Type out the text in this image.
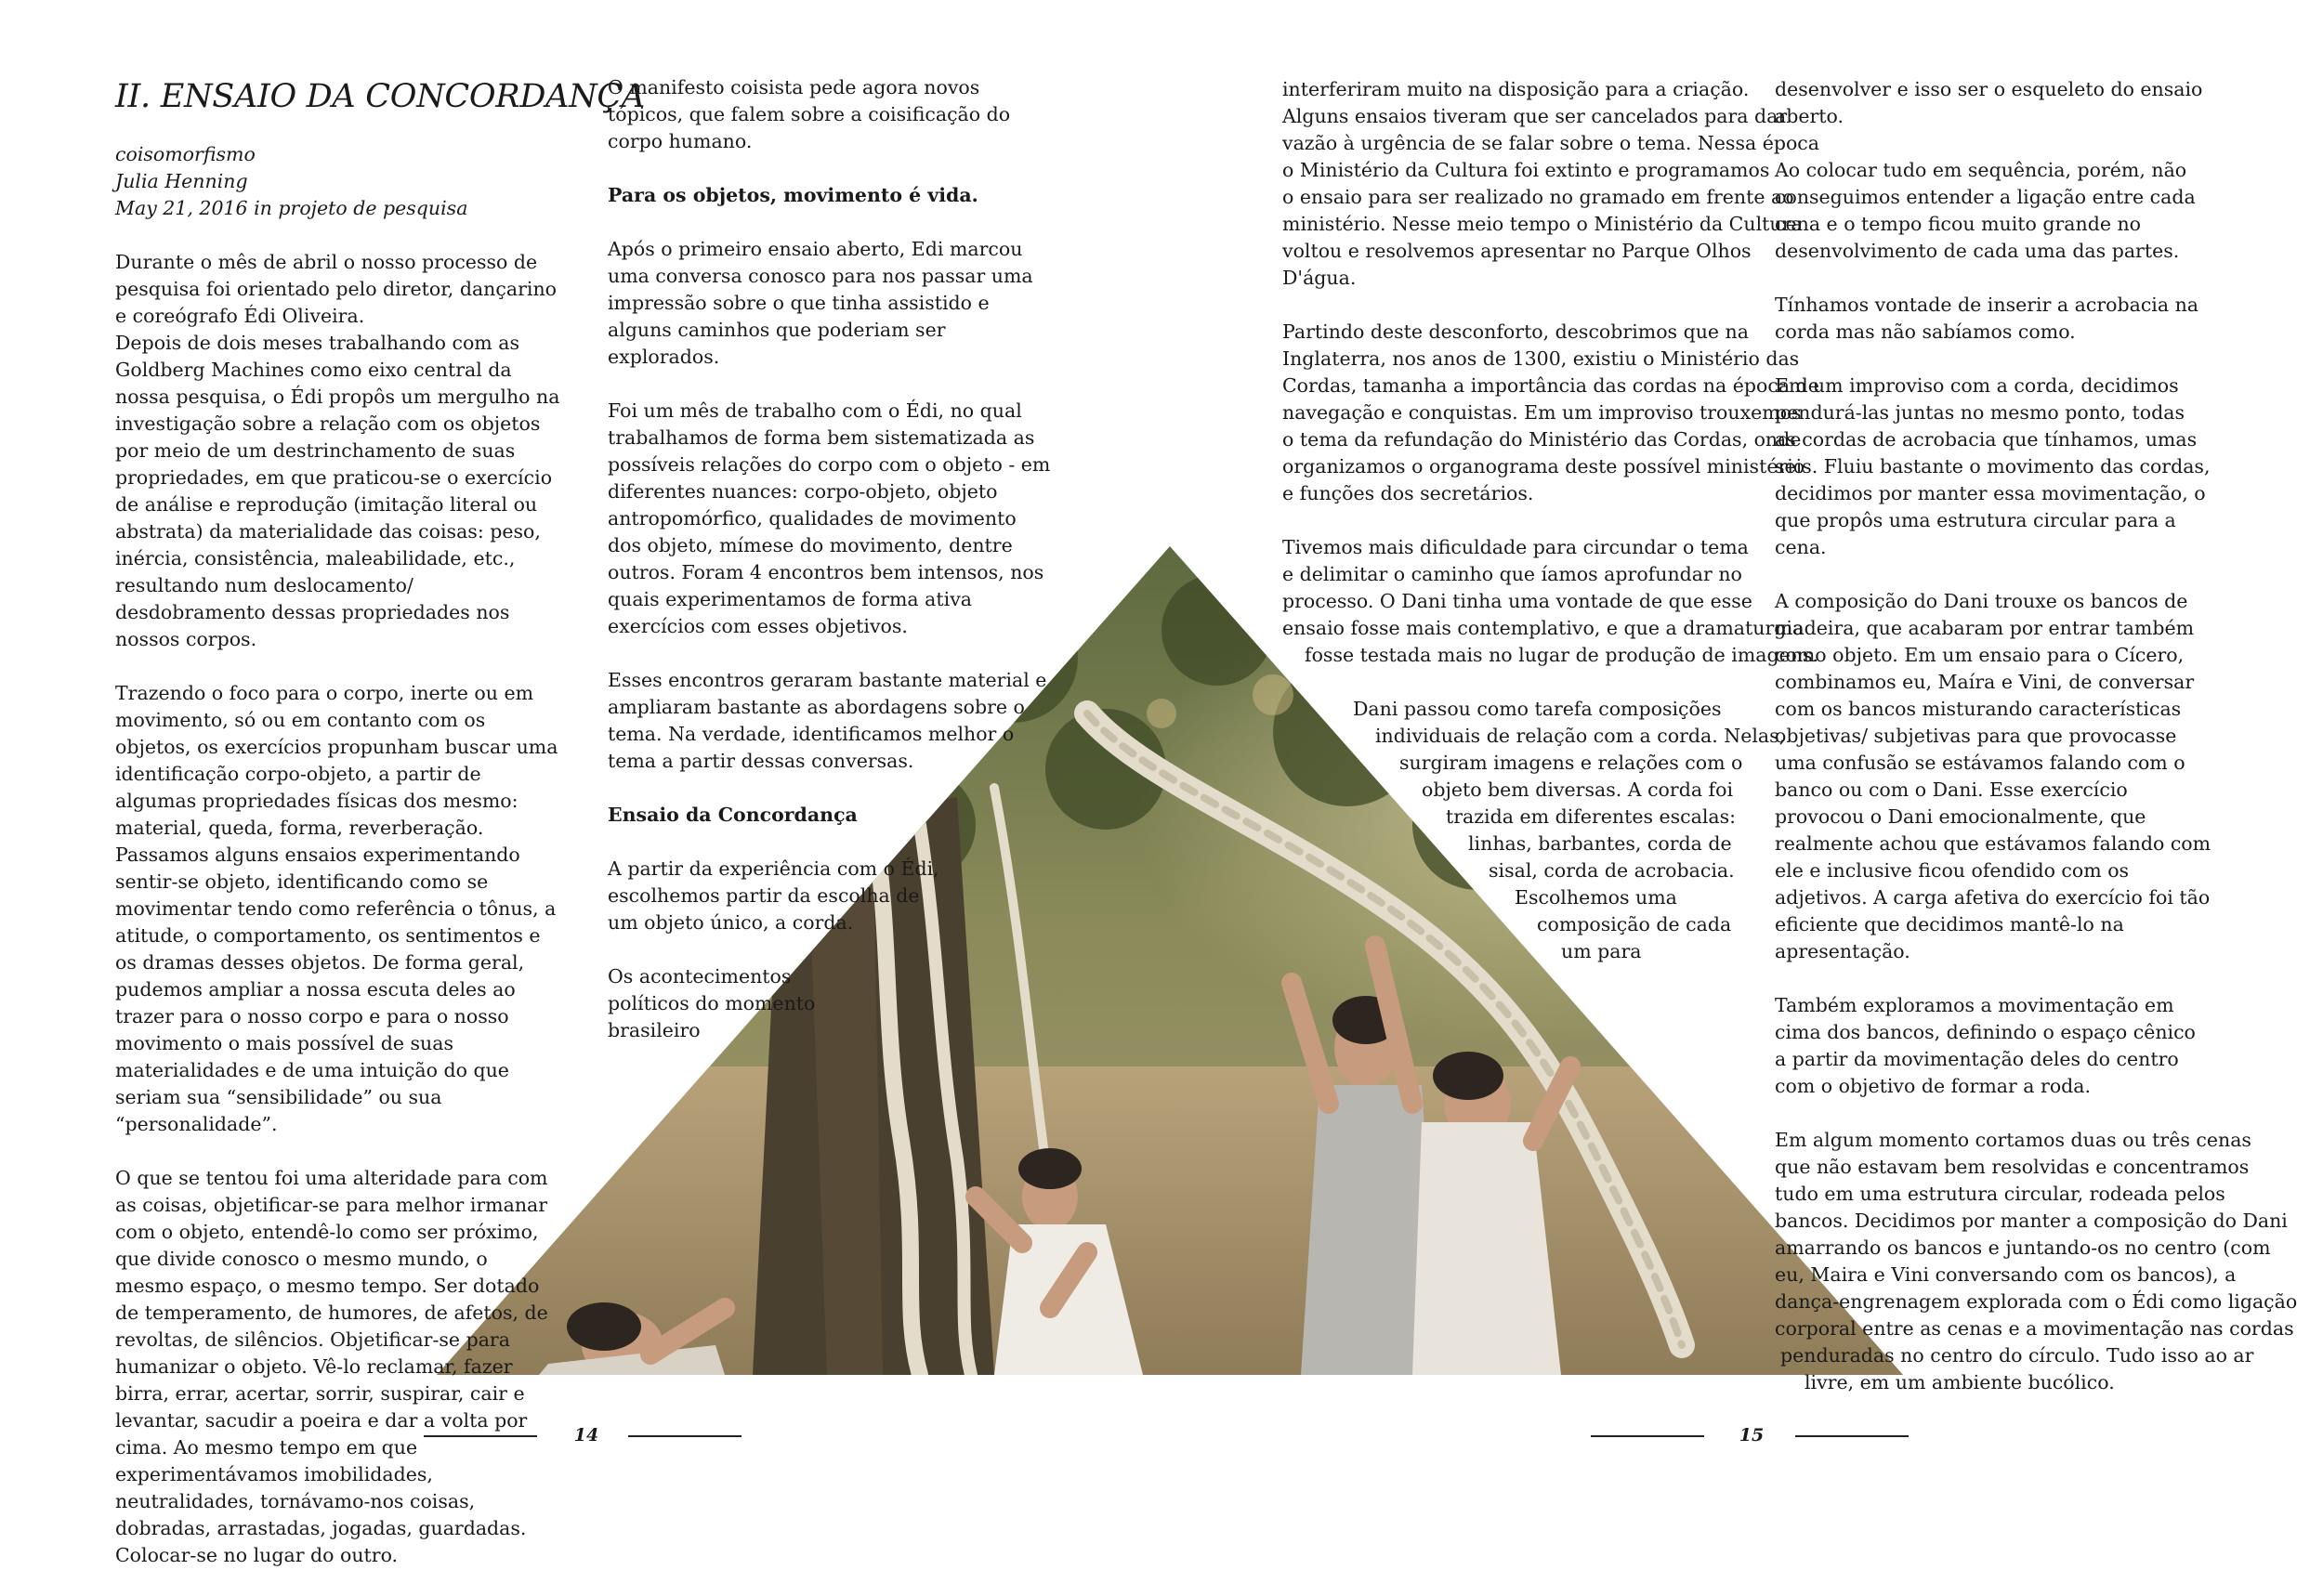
II. ENSAIO DA CONCORDANÇA
coisomorfismo
Julia Henning
May 21, 2016 in projeto de pesquisa

Durante o mês de abril o nosso processo de pesquisa foi orientado pelo diretor, dançarino e coreógrafo Édi Oliveira.

Depois de dois meses trabalhando com as Goldberg Machines como eixo central da nossa pesquisa, o Édi propôs um mergulho na investigação sobre a relação com os objetos por meio de um destrinchamento de suas propriedades, em que praticou-se o exercício de análise e reprodução (imitação literal ou abstrata) da materialidade das coisas: peso, inércia, consistência, maleabilidade, etc., resultando num deslocamento/ desdobramento dessas propriedades nos nossos corpos.

Trazendo o foco para o corpo, inerte ou em movimento, só ou em contanto com os objetos, os exercícios propunham buscar uma identificação corpo-objeto, a partir de algumas propriedades físicas dos mesmo: material, queda, forma, reverberação. Passamos alguns ensaios experimentando sentir-se objeto, identificando como se movimentar tendo como referência o tônus, a atitude, o comportamento, os sentimentos e os dramas desses objetos. De forma geral, pudemos ampliar a nossa escuta deles ao trazer para o nosso corpo e para o nosso movimento o mais possível de suas materialidades e de uma intuição do que seriam sua “sensibilidade” ou sua “personalidade”.

O que se tentou foi uma alteridade para com as coisas, objetificar-se para melhor irmanar com o objeto, entendê-lo como ser próximo, que divide conosco o mesmo mundo, o mesmo espaço, o mesmo tempo. Ser dotado de temperamento, de humores, de afetos, de revoltas, de silêncios. Objetificar-se para humanizar o objeto. Vê-lo reclamar, fazer birra, errar, acertar, sorrir, suspirar, cair e levantar, sacudir a poeira e dar a volta por cima. Ao mesmo tempo em que experimentávamos imobilidades, neutralidades, tornávamo-nos coisas, dobradas, arrastadas, jogadas, guardadas. Colocar-se no lugar do outro.

O manifesto coisista pede agora novos tópicos, que falem sobre a coisificação do corpo humano.

Para os objetos, movimento é vida.

Após o primeiro ensaio aberto, Edi marcou uma conversa conosco para nos passar uma impressão sobre o que tinha assistido e alguns caminhos que poderiam ser explorados.

Foi um mês de trabalho com o Édi, no qual trabalhamos de forma bem sistematizada as possíveis relações do corpo com o objeto - em diferentes nuances: corpo-objeto, objeto antropomórfico, qualidades de movimento dos objeto, mímese do movimento, dentre outros. Foram 4 encontros bem intensos, nos quais experimentamos de forma ativa exercícios com esses objetivos.

Esses encontros geraram bastante material e ampliaram bastante as abordagens sobre o tema. Na verdade, identificamos melhor o tema a partir dessas conversas.

Ensaio da Concordança

A partir da experiência com o Édi,
escolhemos partir da escolha de
um objeto único, a corda.

Os acontecimentos
políticos do momento
brasileiro

interferiram muito na disposição para a criação.
Alguns ensaios tiveram que ser cancelados para dar
vazão à urgência de se falar sobre o tema. Nessa época
o Ministério da Cultura foi extinto e programamos
o ensaio para ser realizado no gramado em frente ao
ministério. Nesse meio tempo o Ministério da Cultura
voltou e resolvemos apresentar no Parque Olhos
D'água.

Partindo deste desconforto, descobrimos que na
Inglaterra, nos anos de 1300, existiu o Ministério das
Cordas, tamanha a importância das cordas na época de
navegação e conquistas. Em um improviso trouxemos
o tema da refundação do Ministério das Cordas, onde
organizamos o organograma deste possível ministério
e funções dos secretários.

Tivemos mais dificuldade para circundar o tema
e delimitar o caminho que íamos aprofundar no
processo. O Dani tinha uma vontade de que esse
ensaio fosse mais contemplativo, e que a dramaturgia
fosse testada mais no lugar de produção de imagens.

Dani passou como tarefa composições
individuais de relação com a corda. Nelas,
surgiram imagens e relações com o
objeto bem diversas. A corda foi
trazida em diferentes escalas:
linhas, barbantes, corda de
sisal, corda de acrobacia.
Escolhemos uma
composição de cada
um para

desenvolver e isso ser o esqueleto do ensaio aberto.

Ao colocar tudo em sequência, porém, não conseguimos entender a ligação entre cada cena e o tempo ficou muito grande no desenvolvimento de cada uma das partes.

Tínhamos vontade de inserir a acrobacia na corda mas não sabíamos como.

Em um improviso com a corda, decidimos pendurá-las juntas no mesmo ponto, todas as cordas de acrobacia que tínhamos, umas seis. Fluiu bastante o movimento das cordas, decidimos por manter essa movimentação, o que propôs uma estrutura circular para a cena.

A composição do Dani trouxe os bancos de madeira, que acabaram por entrar também como objeto. Em um ensaio para o Cícero, combinamos eu, Maíra e Vini, de conversar com os bancos misturando características objetivas/ subjetivas para que provocasse uma confusão se estávamos falando com o banco ou com o Dani. Esse exercício provocou o Dani emocionalmente, que realmente achou que estávamos falando com ele e inclusive ficou ofendido com os adjetivos. A carga afetiva do exercício foi tão eficiente que decidimos mantê-lo na apresentação.

Também exploramos a movimentação em cima dos bancos, definindo o espaço cênico a partir da movimentação deles do centro com o objetivo de formar a roda.

Em algum momento cortamos duas ou três cenas
que não estavam bem resolvidas e concentramos
tudo em uma estrutura circular, rodeada pelos
bancos. Decidimos por manter a composição do Dani
amarrando os bancos e juntando-os no centro (com
eu, Maira e Vini conversando com os bancos), a
dança-engrenagem explorada com o Édi como ligação
corporal entre as cenas e a movimentação nas cordas
penduradas no centro do círculo. Tudo isso ao ar
livre, em um ambiente bucólico.

14	15
